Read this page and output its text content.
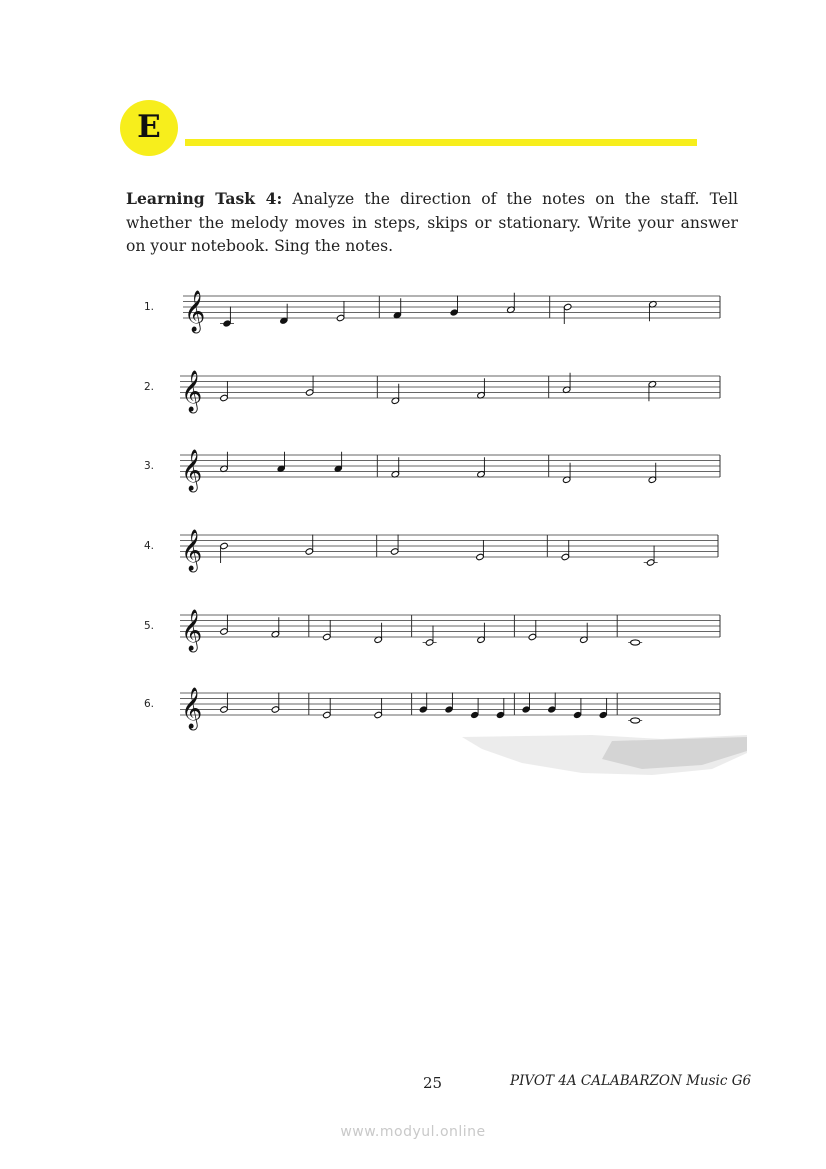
E
Learning Task 4: Analyze the direction of the notes on the staff. Tell whether the melody moves in steps, skips or stationary. Write your answer on your notebook. Sing the notes.
1. 𝄞
2. 𝄞
3. 𝄞
4. 𝄞
5. 𝄞
6. 𝄞
25	PIVOT 4A CALABARZON Music G6
www.modyul.online
